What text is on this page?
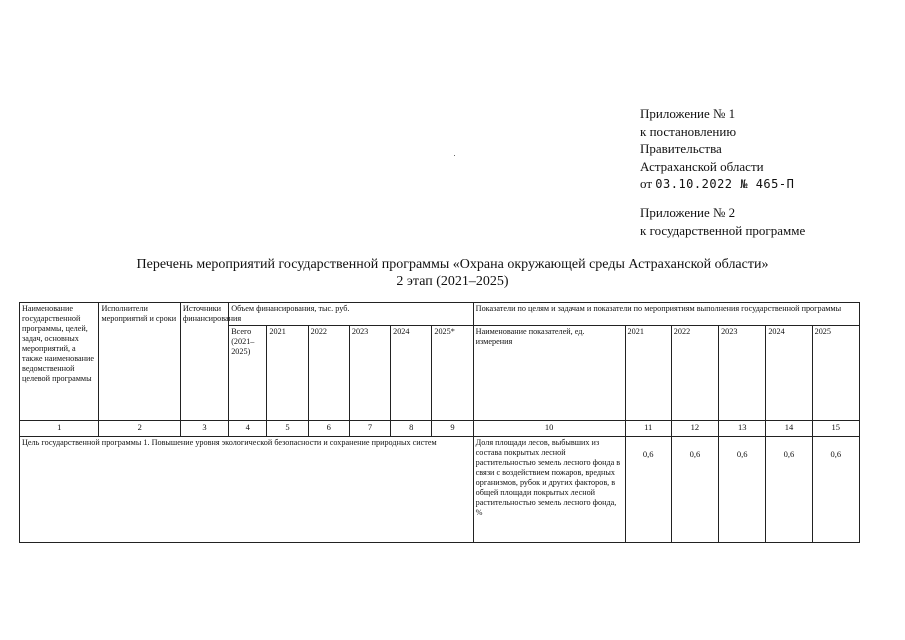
Приложение № 1
к постановлению
Правительства
Астраханской области
от 03.10.2022 № 465-П
Приложение № 2
к государственной программе
Перечень мероприятий государственной программы «Охрана окружающей среды Астраханской области»
2 этап (2021–2025)
Наименование государственной программы, целей, задач, основных мероприятий, а также наименование ведомственной целевой программы	Исполнители мероприятий и сроки	Источники финансирования	Объем финансирования, тыс. руб.						Показатели по целям и задачам и показатели по мероприятиям выполнения государственной программы					
			Всего (2021–2025)	2021	2022	2023	2024	2025*	Наименование показателей, ед. измерения	2021	2022	2023	2024	2025
1	2	3	4	5	6	7	8	9	10	11	12	13	14	15
Цель государственной программы 1. Повышение уровня экологической безопасности и сохранение природных систем									Доля площади лесов, выбывших из состава покрытых лесной растительностью земель лесного фонда в связи с воздействием пожаров, вредных организмов, рубок и других факторов, в общей площади покрытых лесной растительностью земель лесного фонда, %	0,6	0,6	0,6	0,6	0,6
